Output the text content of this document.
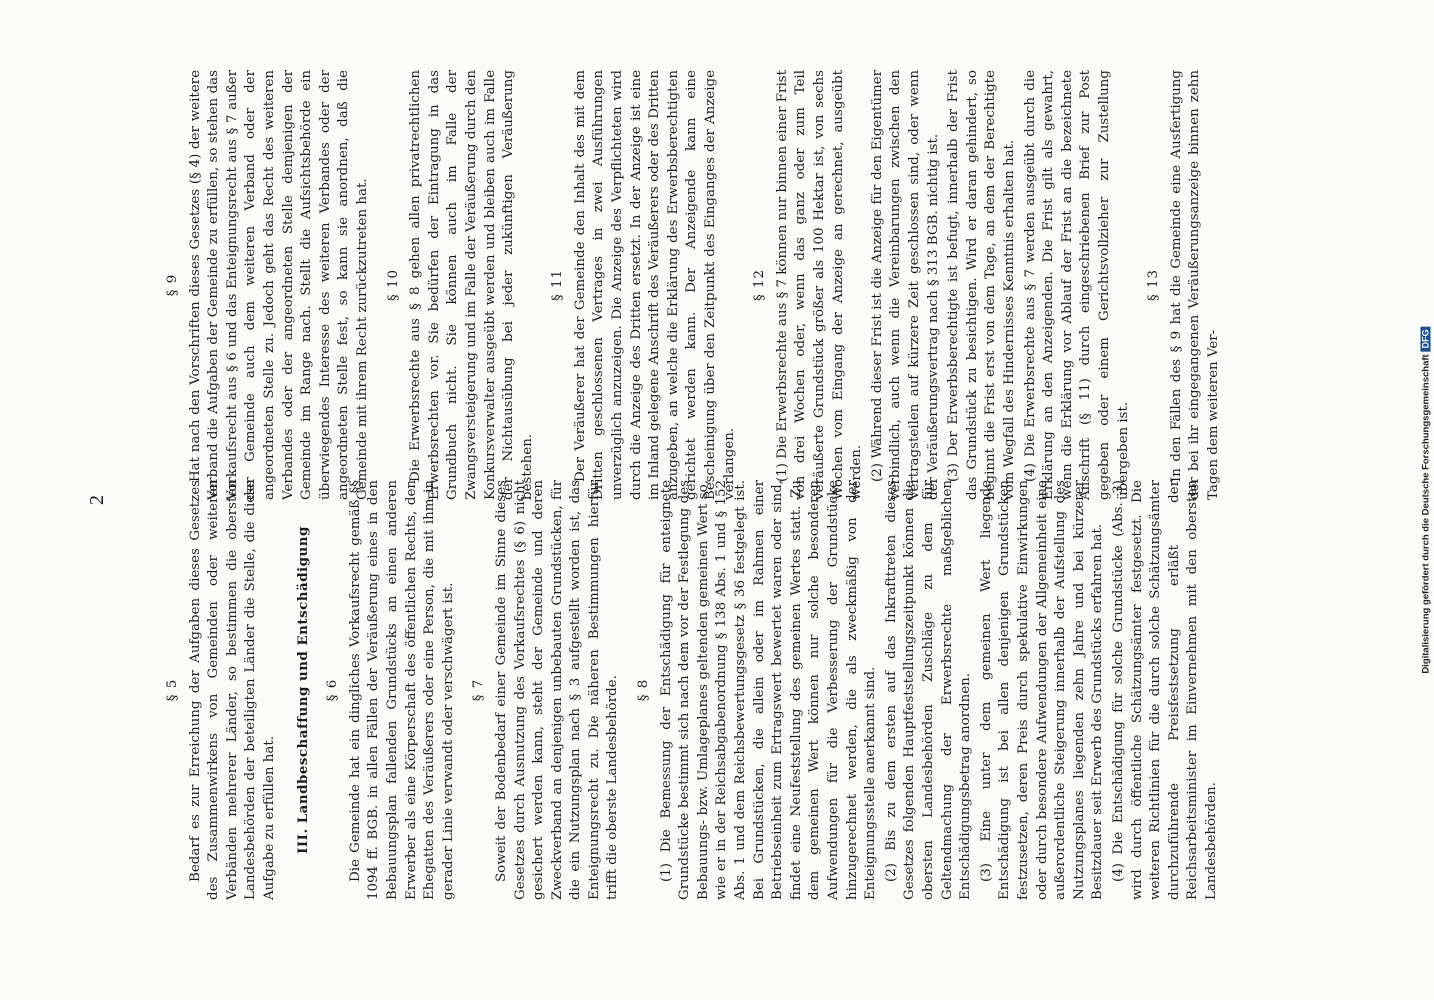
2
§ 5 Bedarf es zur Erreichung der Aufgaben dieses Gesetzes des Zusammenwirkens von Gemeinden oder weiteren Verbänden mehrerer Länder, so bestimmen die obersten Landesbehörden der beteiligten Länder die Stelle, die diese Aufgabe zu erfüllen hat. III. Landbeschaffung und Entschädigung § 6 Die Gemeinde hat ein dingliches Vorkaufsrecht gemäß §§ 1094 ff. BGB. in allen Fällen der Veräußerung eines in den Bebauungsplan fallenden Grundstücks an einen anderen Erwerber als eine Körperschaft des öffentlichen Rechts, den Ehegatten des Veräußerers oder eine Person, die mit ihm in gerader Linie verwandt oder verschwägert ist. § 7 Soweit der Bodenbedarf einer Gemeinde im Sinne dieses Gesetzes durch Ausnutzung des Vorkaufsrechtes (§ 6) nicht gesichert werden kann, steht der Gemeinde und deren Zweckverband an denjenigen unbebauten Grundstücken, für die ein Nutzungsplan nach § 3 aufgestellt worden ist, das Enteignungsrecht zu. Die näheren Bestimmungen hierfür trifft die oberste Landesbehörde. § 8 (1) Die Bemessung der Entschädigung für enteignete Grundstücke bestimmt sich nach dem vor der Festlegung des Bebauungs- bzw. Umlageplanes geltenden gemeinen Wert so, wie er in der Reichsabgabenordnung § 138 Abs. 1 und § 152 Abs. 1 und dem Reichsbewertungsgesetz § 36 festgelegt ist. Bei Grundstücken, die allein oder im Rahmen einer Betriebseinheit zum Ertragswert bewertet waren oder sind, findet eine Neufeststellung des gemeinen Wertes statt. Zu dem gemeinen Wert können nur solche besonderen Aufwendungen für die Verbesserung der Grundstücke hinzugerechnet werden, die als zweckmäßig von der Enteignungsstelle anerkannt sind. (2) Bis zu dem ersten auf das Inkrafttreten dieses Gesetzes folgenden Hauptfeststellungszeitpunkt können die obersten Landesbehörden Zuschläge zu dem für Geltendmachung der Erwerbsrechte maßgeblichen Entschädigungsbetrag anordnen. (3) Eine unter dem gemeinen Wert liegende Entschädigung ist bei allen denjenigen Grundstücken festzusetzen, deren Preis durch spekulative Einwirkungen oder durch besondere Aufwendungen der Allgemeinheit eine außerordentliche Steigerung innerhalb der Aufstellung des Nutzungsplanes liegenden zehn Jahre und bei kürzerer Besitzdauer seit Erwerb des Grundstücks erfahren hat. (4) Die Entschädigung für solche Grundstücke (Abs. 3) wird durch öffentliche Schätzungsämter festgesetzt. Die weiteren Richtlinien für die durch solche Schätzungsämter durchzuführende Preisfestsetzung erläßt der Reichsarbeitsminister im Einvernehmen mit den obersten Landesbehörden.

§ 9 Hat nach den Vorschriften dieses Gesetzes (§ 4) der weitere Verband die Aufgaben der Gemeinde zu erfüllen, so stehen das Vorkaufsrecht aus § 6 und das Enteignungsrecht aus § 7 außer der Gemeinde auch dem weiteren Verband oder der angeordneten Stelle zu. Jedoch geht das Recht des weiteren Verbandes oder der angeordneten Stelle demjenigen der Gemeinde im Range nach. Stellt die Aufsichtsbehörde ein überwiegendes Interesse des weiteren Verbandes oder der angeordneten Stelle fest, so kann sie anordnen, daß die Gemeinde mit ihrem Recht zurückzutreten hat. § 10 Die Erwerbsrechte aus § 8 gehen allen privatrechtlichen Erwerbsrechten vor. Sie bedürfen der Eintragung in das Grundbuch nicht. Sie können auch im Falle der Zwangsversteigerung und im Falle der Veräußerung durch den Konkursverwalter ausgeübt werden und bleiben auch im Falle der Nichtausübung bei jeder zukünftigen Veräußerung bestehen.

§ 11 Der Veräußerer hat der Gemeinde den Inhalt des mit dem Dritten geschlossenen Vertrages in zwei Ausführungen unverzüglich anzuzeigen. Die Anzeige des Verpflichteten wird durch die Anzeige des Dritten ersetzt. In der Anzeige ist eine im Inland gelegene Anschrift des Veräußerers oder des Dritten anzugeben, an welche die Erklärung des Erwerbsberechtigten gerichtet werden kann. Der Anzeigende kann eine Bescheinigung über den Zeitpunkt des Einganges der Anzeige verlangen.

§ 12 (1) Die Erwerbsrechte aus § 7 können nur binnen einer Frist von drei Wochen oder, wenn das ganz oder zum Teil veräußerte Grundstück größer als 100 Hektar ist, von sechs Wochen vom Eingang der Anzeige an gerechnet, ausgeübt werden. (2) Während dieser Frist ist die Anzeige für den Eigentümer verbindlich, auch wenn die Vereinbarungen zwischen den Vertragsteilen auf kürzere Zeit geschlossen sind, oder wenn der Veräußerungsvertrag nach § 313 BGB. nichtig ist. (3) Der Erwerbsberechtigte ist befugt, innerhalb der Frist das Grundstück zu besichtigen. Wird er daran gehindert, so beginnt die Frist erst von dem Tage, an dem der Berechtigte vom Wegfall des Hindernisses Kenntnis erhalten hat. (4) Die Erwerbsrechte aus § 7 werden ausgeübt durch die Erklärung an den Anzeigenden. Die Frist gilt als gewahrt, wenn die Erklärung vor Ablauf der Frist an die bezeichnete Anschrift (§ 11) durch eingeschriebenen Brief zur Post gegeben oder einem Gerichtsvollzieher zur Zustellung übergeben ist.

§ 13 In den Fällen des § 9 hat die Gemeinde eine Ausfertigung der bei ihr eingegangenen Veräußerungsanzeige binnen zehn Tagen dem weiteren Ver-	Digitalisierung gefördert durch die Deutsche ForschungsgemeinschaftDFG
